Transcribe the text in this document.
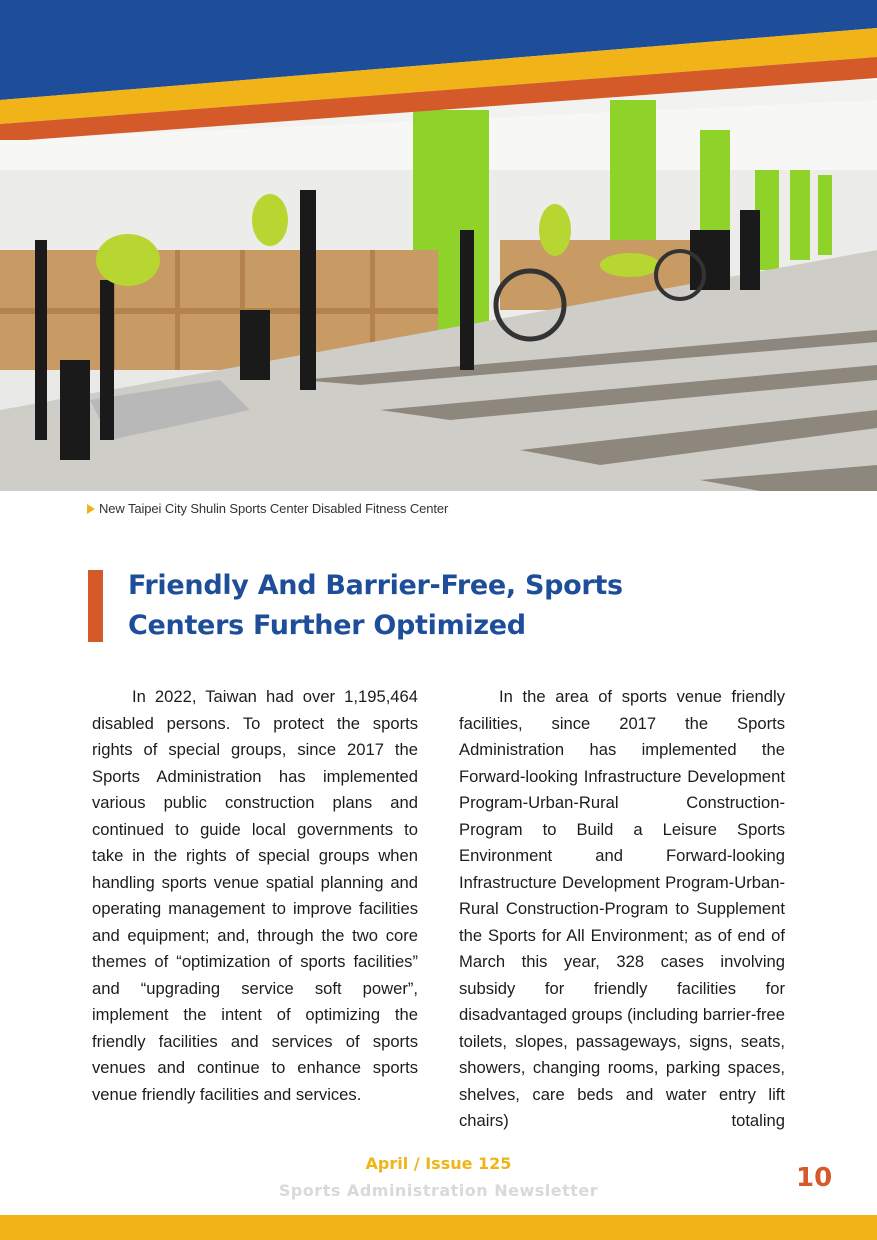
New Taipei City Shulin Sports Center Disabled Fitness Center
Friendly And Barrier-Free, Sports
Centers Further Optimized

In 2022, Taiwan had over 1,195,464 disabled persons. To protect the sports rights of special groups, since 2017 the Sports Administration has implemented various public construction plans and continued to guide local governments to take in the rights of special groups when handling sports venue spatial planning and operating management to improve facilities and equipment; and, through the two core themes of “optimization of sports facilities” and “upgrading service soft power”, implement the intent of optimizing the friendly facilities and services of sports venues and continue to enhance sports venue friendly facilities and services.

In the area of sports venue friendly facilities, since 2017 the Sports Administration has implemented the Forward-looking Infrastructure Development Program-Urban-Rural Construction- Program to Build a Leisure Sports Environment and Forward-looking Infrastructure Development Program-Urban-Rural Construction-Program to Supplement the Sports for All Environment; as of end of March this year, 328 cases involving subsidy for friendly facilities for disadvantaged groups (including barrier-free toilets, slopes, passageways, signs, seats, showers, changing rooms, parking spaces, shelves, care beds and water entry lift chairs) totaling

April / Issue 125
Sports Administration Newsletter	10
